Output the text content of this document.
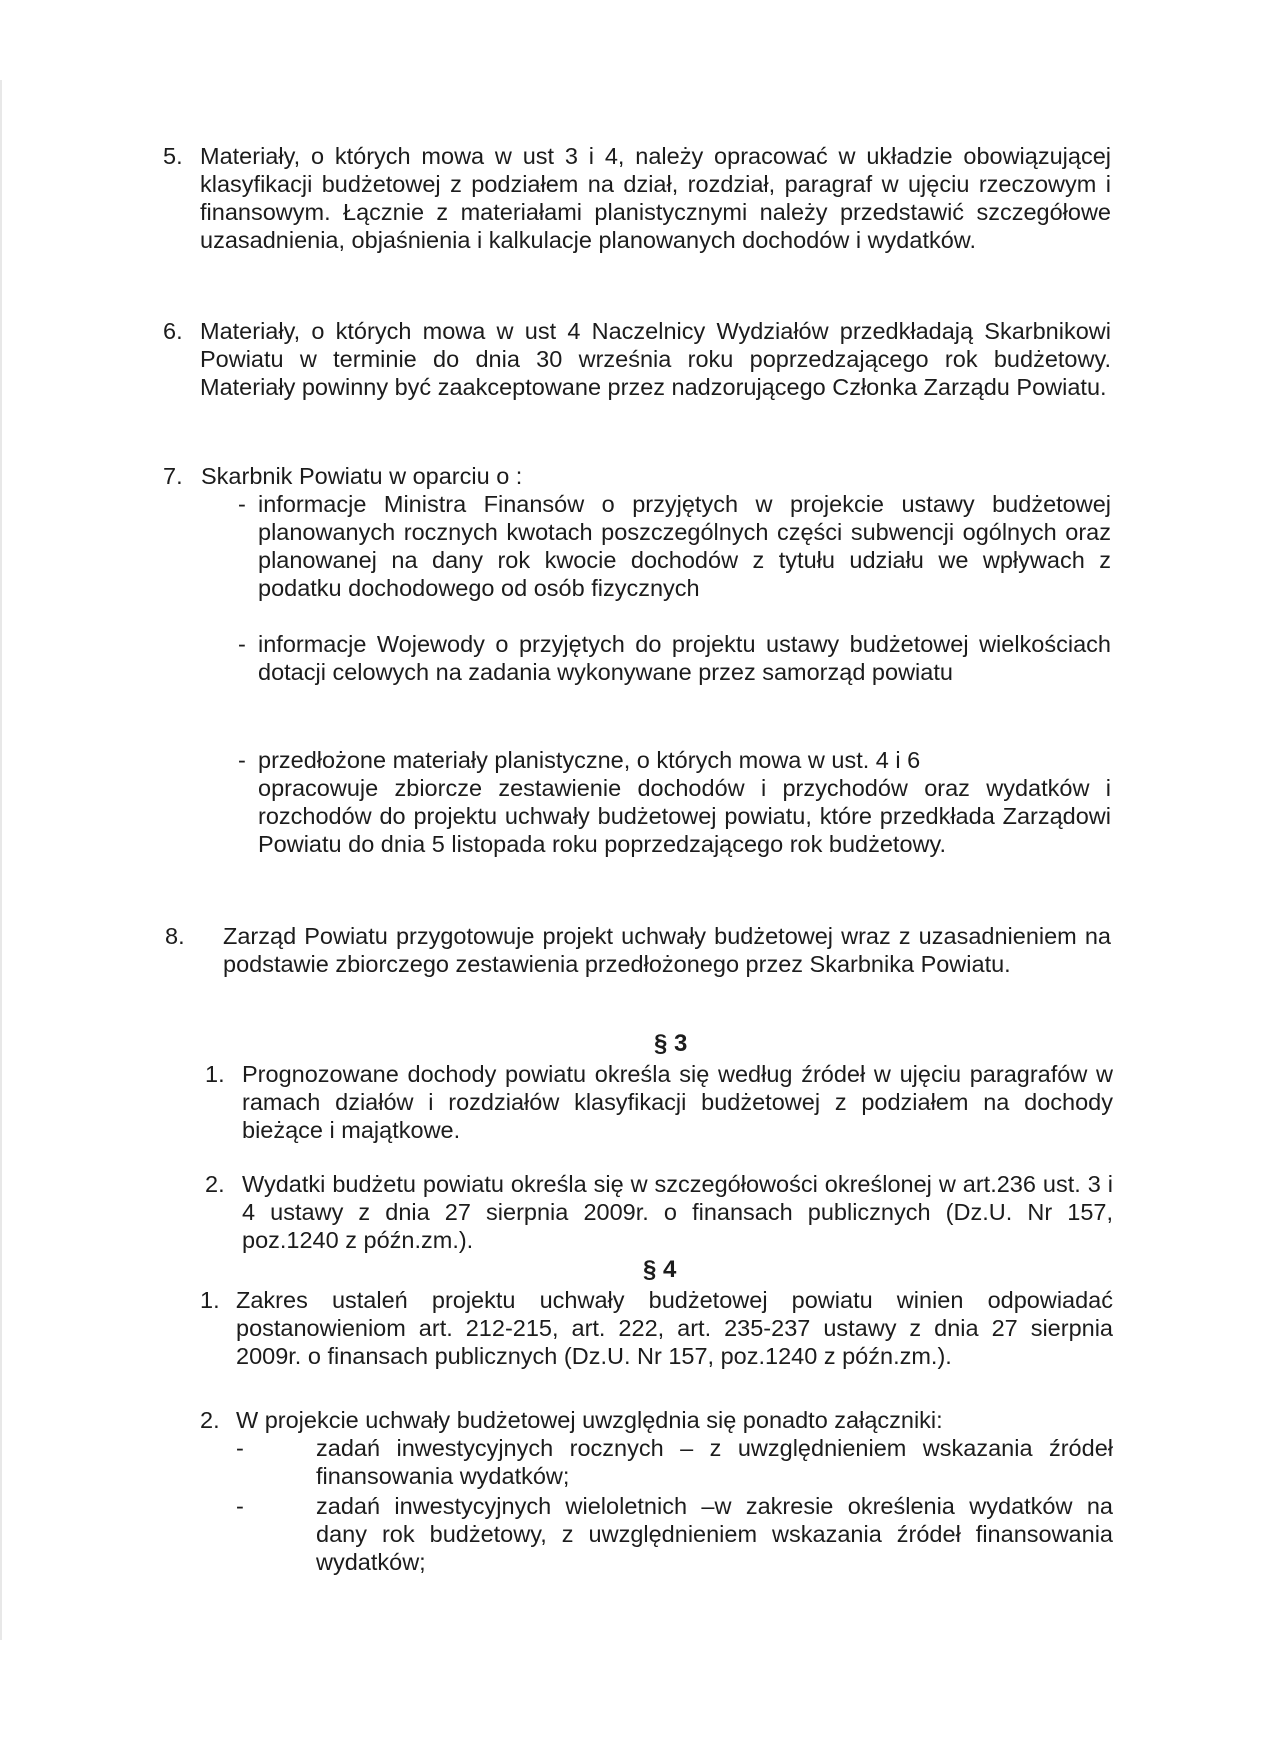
5. Materiały, o których mowa w ust 3 i 4, należy opracować w układzie obowiązującej klasyfikacji budżetowej z podziałem na dział, rozdział, paragraf w ujęciu rzeczowym i finansowym. Łącznie z materiałami planistycznymi należy przedstawić szczegółowe uzasadnienia, objaśnienia i kalkulacje planowanych dochodów i wydatków.

6. Materiały, o których mowa w ust 4 Naczelnicy Wydziałów przedkładają Skarbnikowi Powiatu w terminie do dnia 30 września roku poprzedzającego rok budżetowy. Materiały powinny być zaakceptowane przez nadzorującego Członka Zarządu Powiatu.

7. Skarbnik Powiatu w oparciu o :

- informacje Ministra Finansów o przyjętych w projekcie ustawy budżetowej planowanych rocznych kwotach poszczególnych części subwencji ogólnych oraz planowanej na dany rok kwocie dochodów z tytułu udziału we wpływach z podatku dochodowego od osób fizycznych

- informacje Wojewody o przyjętych do projektu ustawy budżetowej wielkościach dotacji celowych na zadania wykonywane przez samorząd powiatu

- przedłożone materiały planistyczne, o których mowa w ust. 4 i 6

opracowuje zbiorcze zestawienie dochodów i przychodów oraz wydatków i rozchodów do projektu uchwały budżetowej powiatu, które przedkłada Zarządowi Powiatu do dnia 5 listopada roku poprzedzającego rok budżetowy.

8. Zarząd Powiatu przygotowuje projekt uchwały budżetowej wraz z uzasadnieniem na podstawie zbiorczego zestawienia przedłożonego przez Skarbnika Powiatu.

§ 3
1. Prognozowane dochody powiatu określa się według źródeł w ujęciu paragrafów w ramach działów i rozdziałów klasyfikacji budżetowej z podziałem na dochody bieżące i majątkowe.

2. Wydatki budżetu powiatu określa się w szczegółowości określonej w art.236 ust. 3 i 4 ustawy z dnia 27 sierpnia 2009r. o finansach publicznych (Dz.U. Nr 157, poz.1240 z późn.zm.).

§ 4
1. Zakres ustaleń projektu uchwały budżetowej powiatu winien odpowiadać postanowieniom art. 212-215, art. 222, art. 235-237 ustawy z dnia 27 sierpnia 2009r. o finansach publicznych (Dz.U. Nr 157, poz.1240 z późn.zm.).

2. W projekcie uchwały budżetowej uwzględnia się ponadto załączniki:

-	zadań inwestycyjnych rocznych – z uwzględnieniem wskazania źródeł finansowania wydatków;

-	zadań inwestycyjnych wieloletnich –w zakresie określenia wydatków na dany rok budżetowy, z uwzględnieniem wskazania źródeł finansowania wydatków;
